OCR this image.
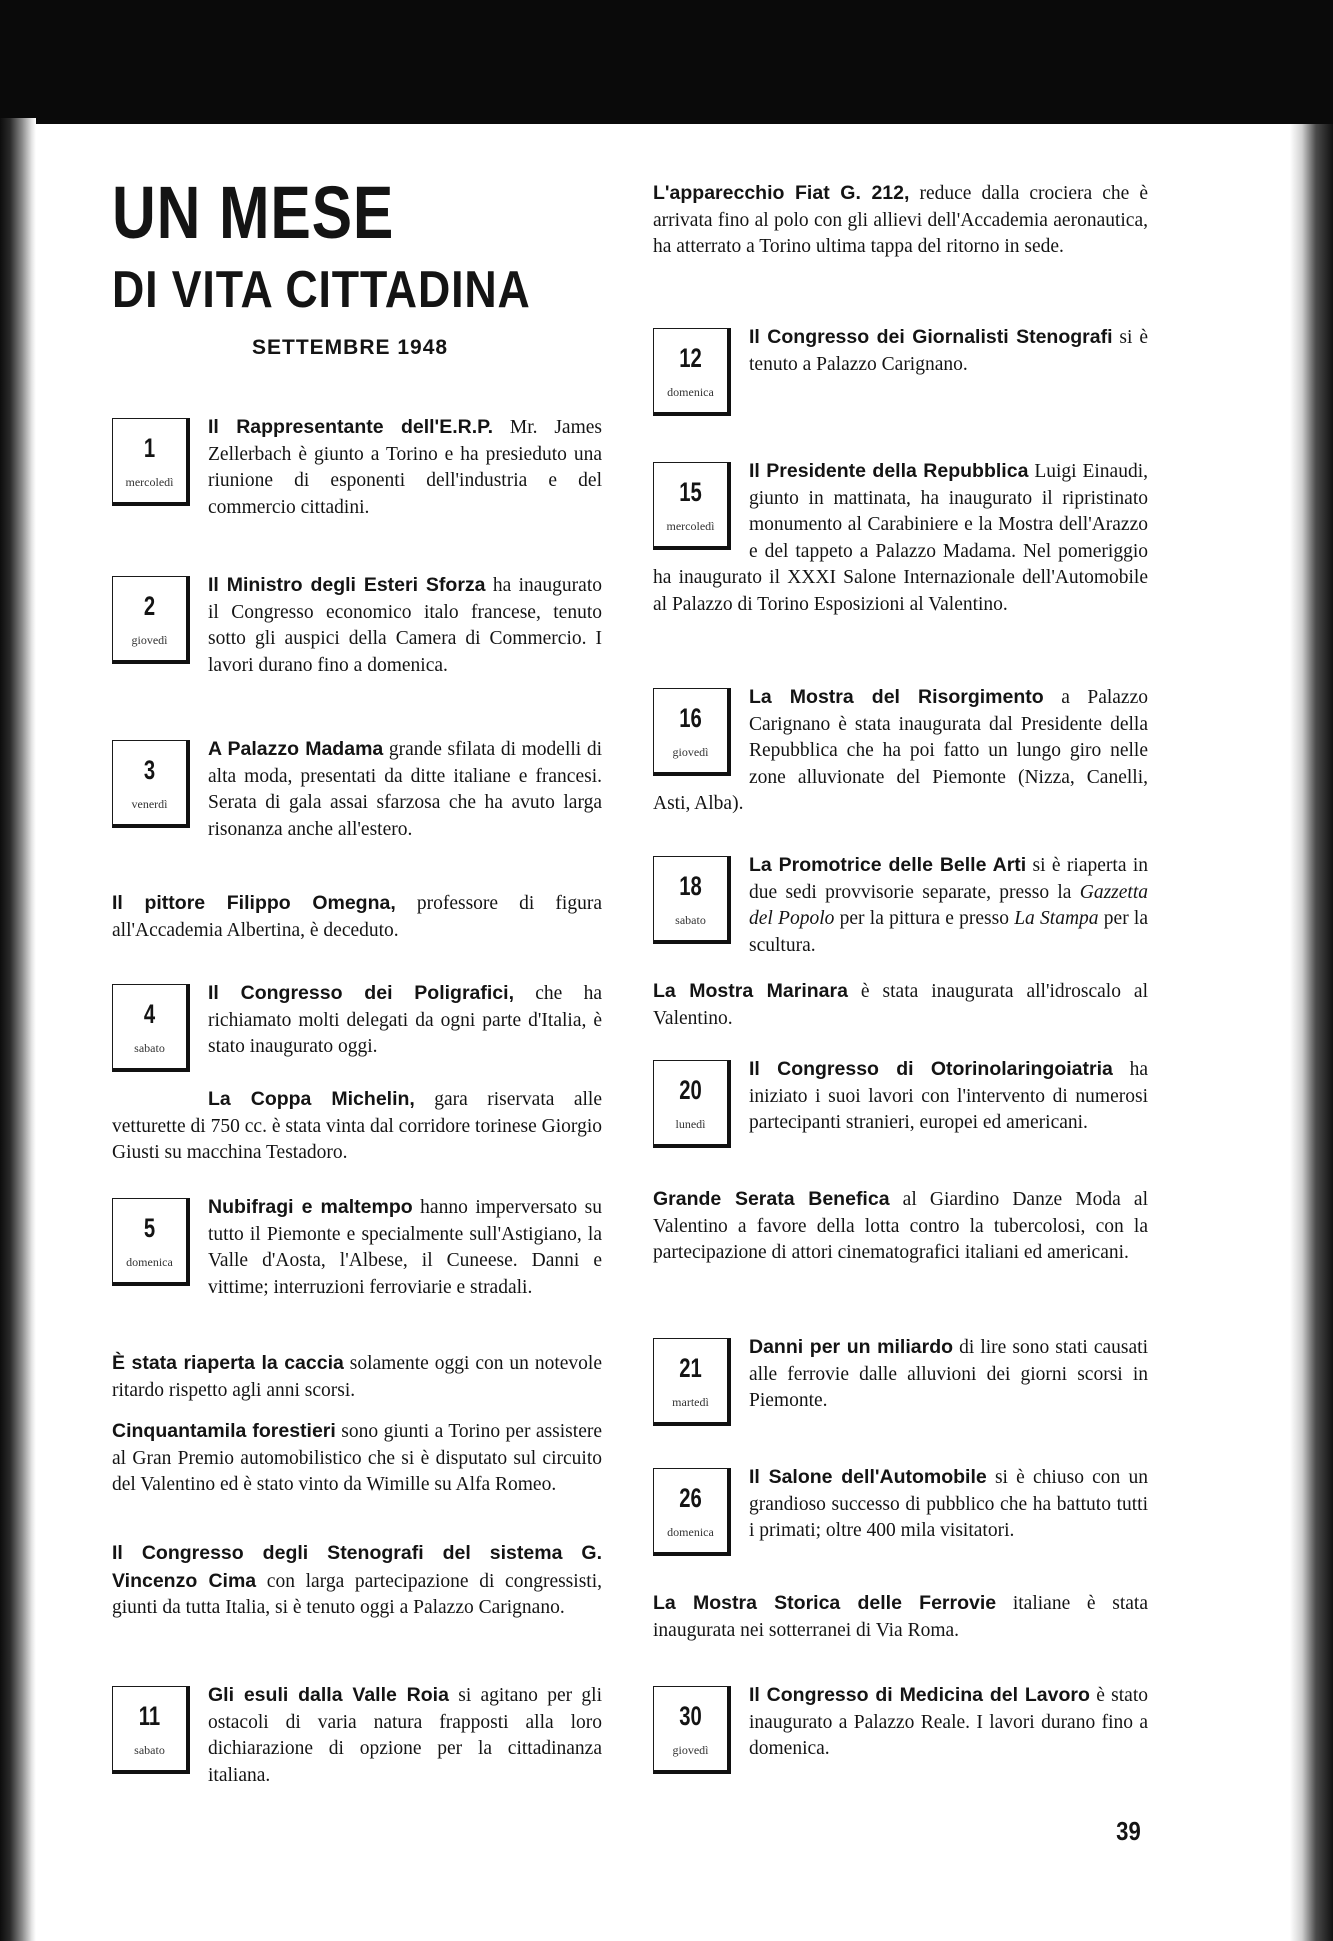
UN MESE
DI VITA CITTADINA
SETTEMBRE 1948
1
mercoledì

Il Rappresentante dell'E.R.P. Mr. James Zellerbach è giunto a Torino e ha presieduto una riunione di esponenti dell'industria e del commercio cittadini.

2
giovedì

Il Ministro degli Esteri Sforza ha inaugurato il Congresso economico italo francese, tenuto sotto gli auspici della Camera di Commercio. I lavori durano fino a domenica.

3
venerdì

A Palazzo Madama grande sfilata di modelli di alta moda, presentati da ditte italiane e francesi. Serata di gala assai sfarzosa che ha avuto larga risonanza anche all'estero.

Il pittore Filippo Omegna, professore di figura all'Accademia Albertina, è deceduto.

4
sabato

Il Congresso dei Poligrafici, che ha richiamato molti delegati da ogni parte d'Italia, è stato inaugurato oggi.

La Coppa Michelin, gara riservata alle vetturette di 750 cc. è stata vinta dal corridore torinese Giorgio Giusti su macchina Testadoro.

5
domenica

Nubifragi e maltempo hanno imperversato su tutto il Piemonte e specialmente sull'Astigiano, la Valle d'Aosta, l'Albese, il Cuneese. Danni e vittime; interruzioni ferroviarie e stradali.

È stata riaperta la caccia solamente oggi con un notevole ritardo rispetto agli anni scorsi.

Cinquantamila forestieri sono giunti a Torino per assistere al Gran Premio automobilistico che si è disputato sul circuito del Valentino ed è stato vinto da Wimille su Alfa Romeo.

Il Congresso degli Stenografi del sistema G. Vincenzo Cima con larga partecipazione di congressisti, giunti da tutta Italia, si è tenuto oggi a Palazzo Carignano.

11
sabato

Gli esuli dalla Valle Roia si agitano per gli ostacoli di varia natura frapposti alla loro dichiarazione di opzione per la cittadinanza italiana.

L'apparecchio Fiat G. 212, reduce dalla crociera che è arrivata fino al polo con gli allievi dell'Accademia aeronautica, ha atterrato a Torino ultima tappa del ritorno in sede.

12
domenica

Il Congresso dei Giornalisti Stenografi si è tenuto a Palazzo Carignano.

15
mercoledì

Il Presidente della Repubblica Luigi Einaudi, giunto in mattinata, ha inaugurato il ripristinato monumento al Carabiniere e la Mostra dell'Arazzo e del tappeto a Palazzo Madama. Nel pomeriggio ha inaugurato il XXXI Salone Internazionale dell'Automobile al Palazzo di Torino Esposizioni al Valentino.

16
giovedì

La Mostra del Risorgimento a Palazzo Carignano è stata inaugurata dal Presidente della Repubblica che ha poi fatto un lungo giro nelle zone alluvionate del Piemonte (Nizza, Canelli, Asti, Alba).

18
sabato

La Promotrice delle Belle Arti si è riaperta in due sedi provvisorie separate, presso la Gazzetta del Popolo per la pittura e presso La Stampa per la scultura.

La Mostra Marinara è stata inaugurata all'idroscalo al Valentino.

20
lunedì

Il Congresso di Otorinolaringoiatria ha iniziato i suoi lavori con l'intervento di numerosi partecipanti stranieri, europei ed americani.

Grande Serata Benefica al Giardino Danze Moda al Valentino a favore della lotta contro la tubercolosi, con la partecipazione di attori cinematografici italiani ed americani.

21
martedì

Danni per un miliardo di lire sono stati causati alle ferrovie dalle alluvioni dei giorni scorsi in Piemonte.

26
domenica

Il Salone dell'Automobile si è chiuso con un grandioso successo di pubblico che ha battuto tutti i primati; oltre 400 mila visitatori.

La Mostra Storica delle Ferrovie italiane è stata inaugurata nei sotterranei di Via Roma.

30
giovedì

Il Congresso di Medicina del Lavoro è stato inaugurato a Palazzo Reale. I lavori durano fino a domenica.

39
